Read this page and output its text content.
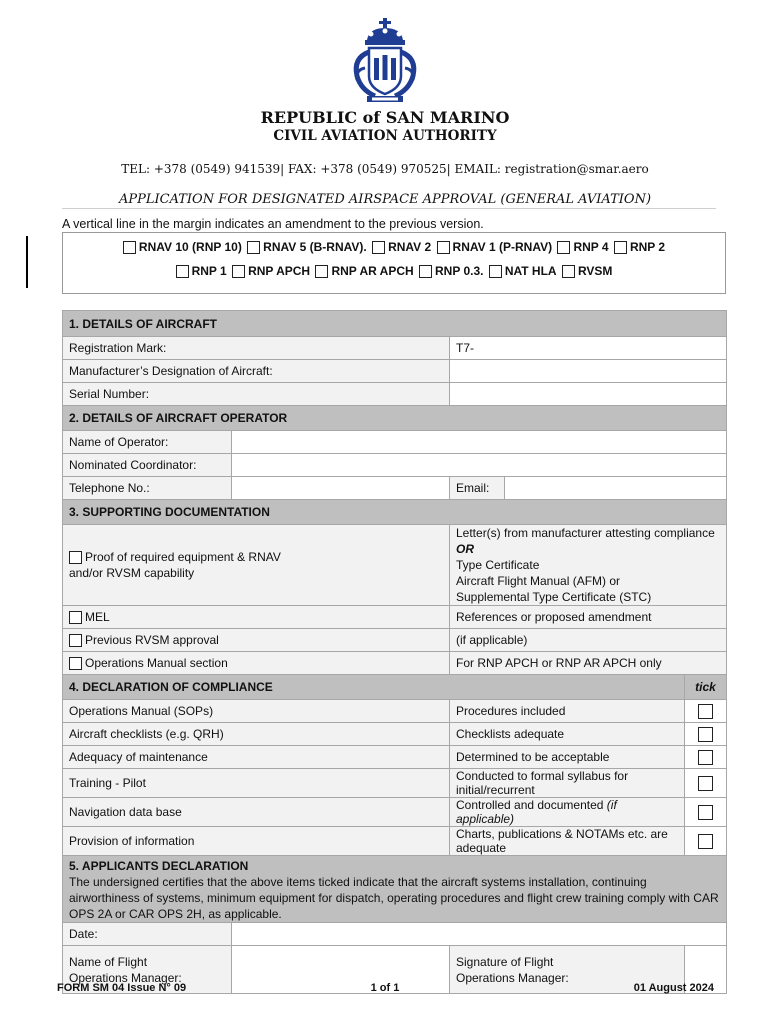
REPUBLIC of SAN MARINO
CIVIL AVIATION AUTHORITY
TEL: +378 (0549) 941539| FAX: +378 (0549) 970525| EMAIL: registration@smar.aero
APPLICATION FOR DESIGNATED AIRSPACE APPROVAL (GENERAL AVIATION)
A vertical line in the margin indicates an amendment to the previous version.
RNAV 10 (RNP 10) RNAV 5 (B-RNAV). RNAV 2 RNAV 1 (P-RNAV) RNP 4 RNP 2
RNP 1 RNP APCH RNP AR APCH RNP 0.3. NAT HLA RVSM
1. DETAILS OF AIRCRAFT				
Registration Mark:		T7-		
Manufacturer’s Designation of Aircraft:				
Serial Number:				
2. DETAILS OF AIRCRAFT OPERATOR				
Name of Operator:				
Nominated Coordinator:				
Telephone No.:		Email:		
3. SUPPORTING DOCUMENTATION				
Proof of required equipment & RNAV
and/or RVSM capability		Letter(s) from manufacturer attesting compliance OR
Type Certificate
Aircraft Flight Manual (AFM) or
Supplemental Type Certificate (STC)		
MEL		References or proposed amendment		
Previous RVSM approval		(if applicable)		
Operations Manual section		For RNP APCH or RNP AR APCH only		
4. DECLARATION OF COMPLIANCE				tick
Operations Manual (SOPs)		Procedures included		
Aircraft checklists (e.g. QRH)		Checklists adequate		
Adequacy of maintenance		Determined to be acceptable		
Training - Pilot		Conducted to formal syllabus for initial/recurrent		
Navigation data base		Controlled and documented (if applicable)		
Provision of information		Charts, publications & NOTAMs etc. are adequate		

5. APPLICANTS DECLARATION
The undersigned certifies that the above items ticked indicate that the aircraft systems installation, continuing airworthiness of systems, minimum equipment for dispatch, operating procedures and flight crew training comply with CAR OPS 2A or CAR OPS 2H, as applicable.				

Date:				
Name of Flight
Operations Manager:		Signature of Flight
Operations Manager:		
FORM SM 04 Issue N° 09	1 of 1	01 August 2024
